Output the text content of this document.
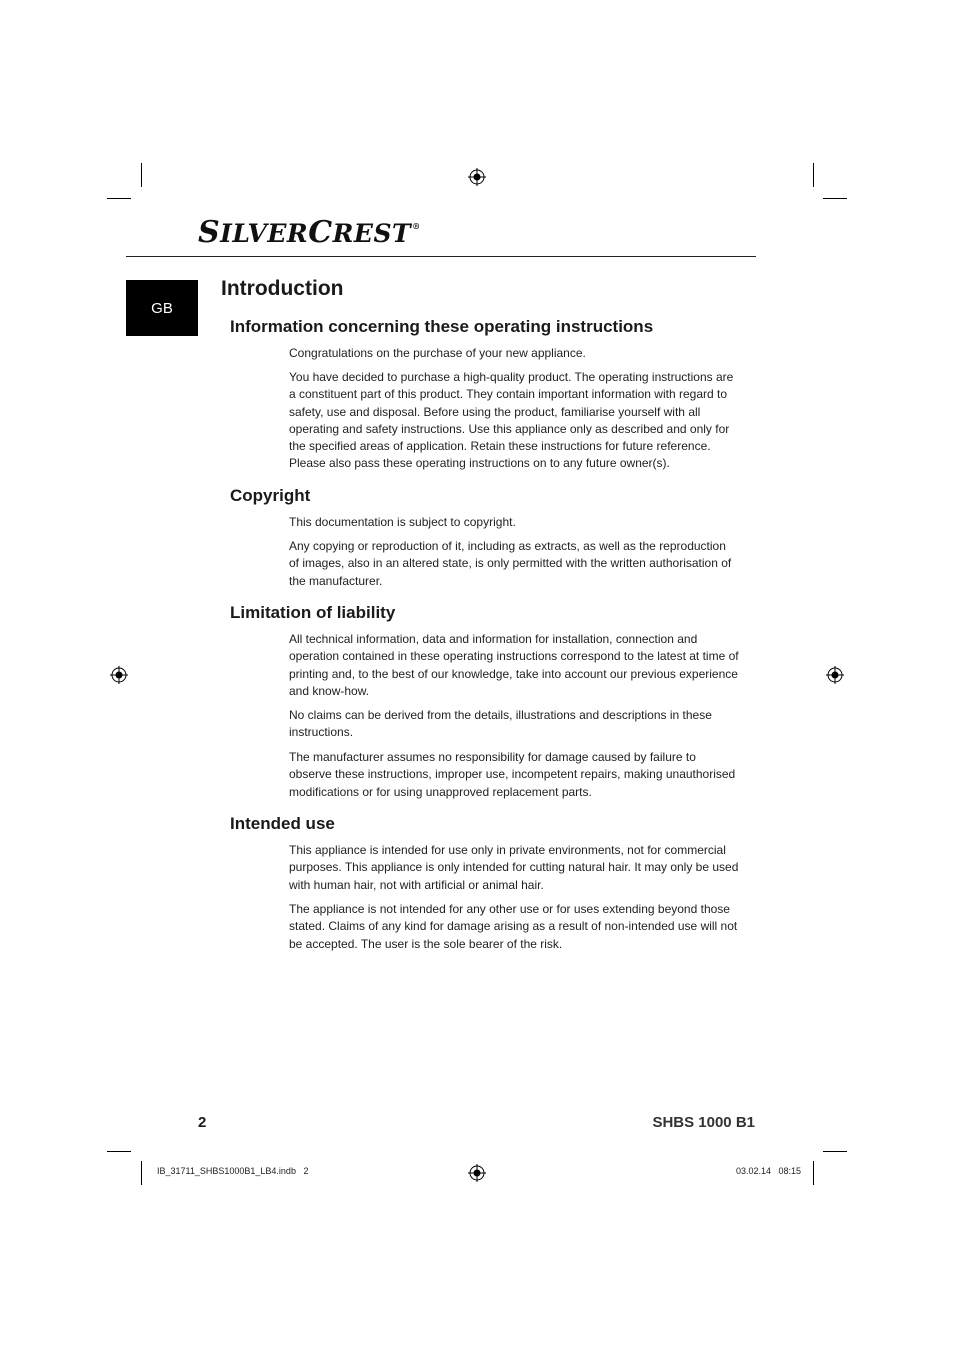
SILVERCREST®
GB
Introduction
Information concerning these operating instructions

Congratulations on the purchase of your new appliance.

You have decided to purchase a high-quality product. The operating instructions are a constituent part of this product. They contain important information with regard to safety, use and disposal. Before using the product, familiarise yourself with all operating and safety instructions. Use this appliance only as described and only for the specified areas of application. Retain these instructions for future reference. Please also pass these operating instructions on to any future owner(s).

Copyright

This documentation is subject to copyright.

Any copying or reproduction of it, including as extracts, as well as the reproduction of images, also in an altered state, is only permitted with the written authorisation of the manufacturer.

Limitation of liability

All technical information, data and information for installation, connection and operation contained in these operating instructions correspond to the latest at time of printing and, to the best of our knowledge, take into account our previous experience and know-how.

No claims can be derived from the details, illustrations and descriptions in these instructions.

The manufacturer assumes no responsibility for damage caused by failure to observe these instructions, improper use, incompetent repairs, making unauthorised modifications or for using unapproved replacement parts.

Intended use

This appliance is intended for use only in private environments, not for commercial purposes. This appliance is only intended for cutting natural hair. It may only be used with human hair, not with artificial or animal hair.

The appliance is not intended for any other use or for uses extending beyond those stated. Claims of any kind for damage arising as a result of non-intended use will not be accepted. The user is the sole bearer of the risk.

2	SHBS 1000 B1
IB_31711_SHBS1000B1_LB4.indb   2	03.02.14   08:15
